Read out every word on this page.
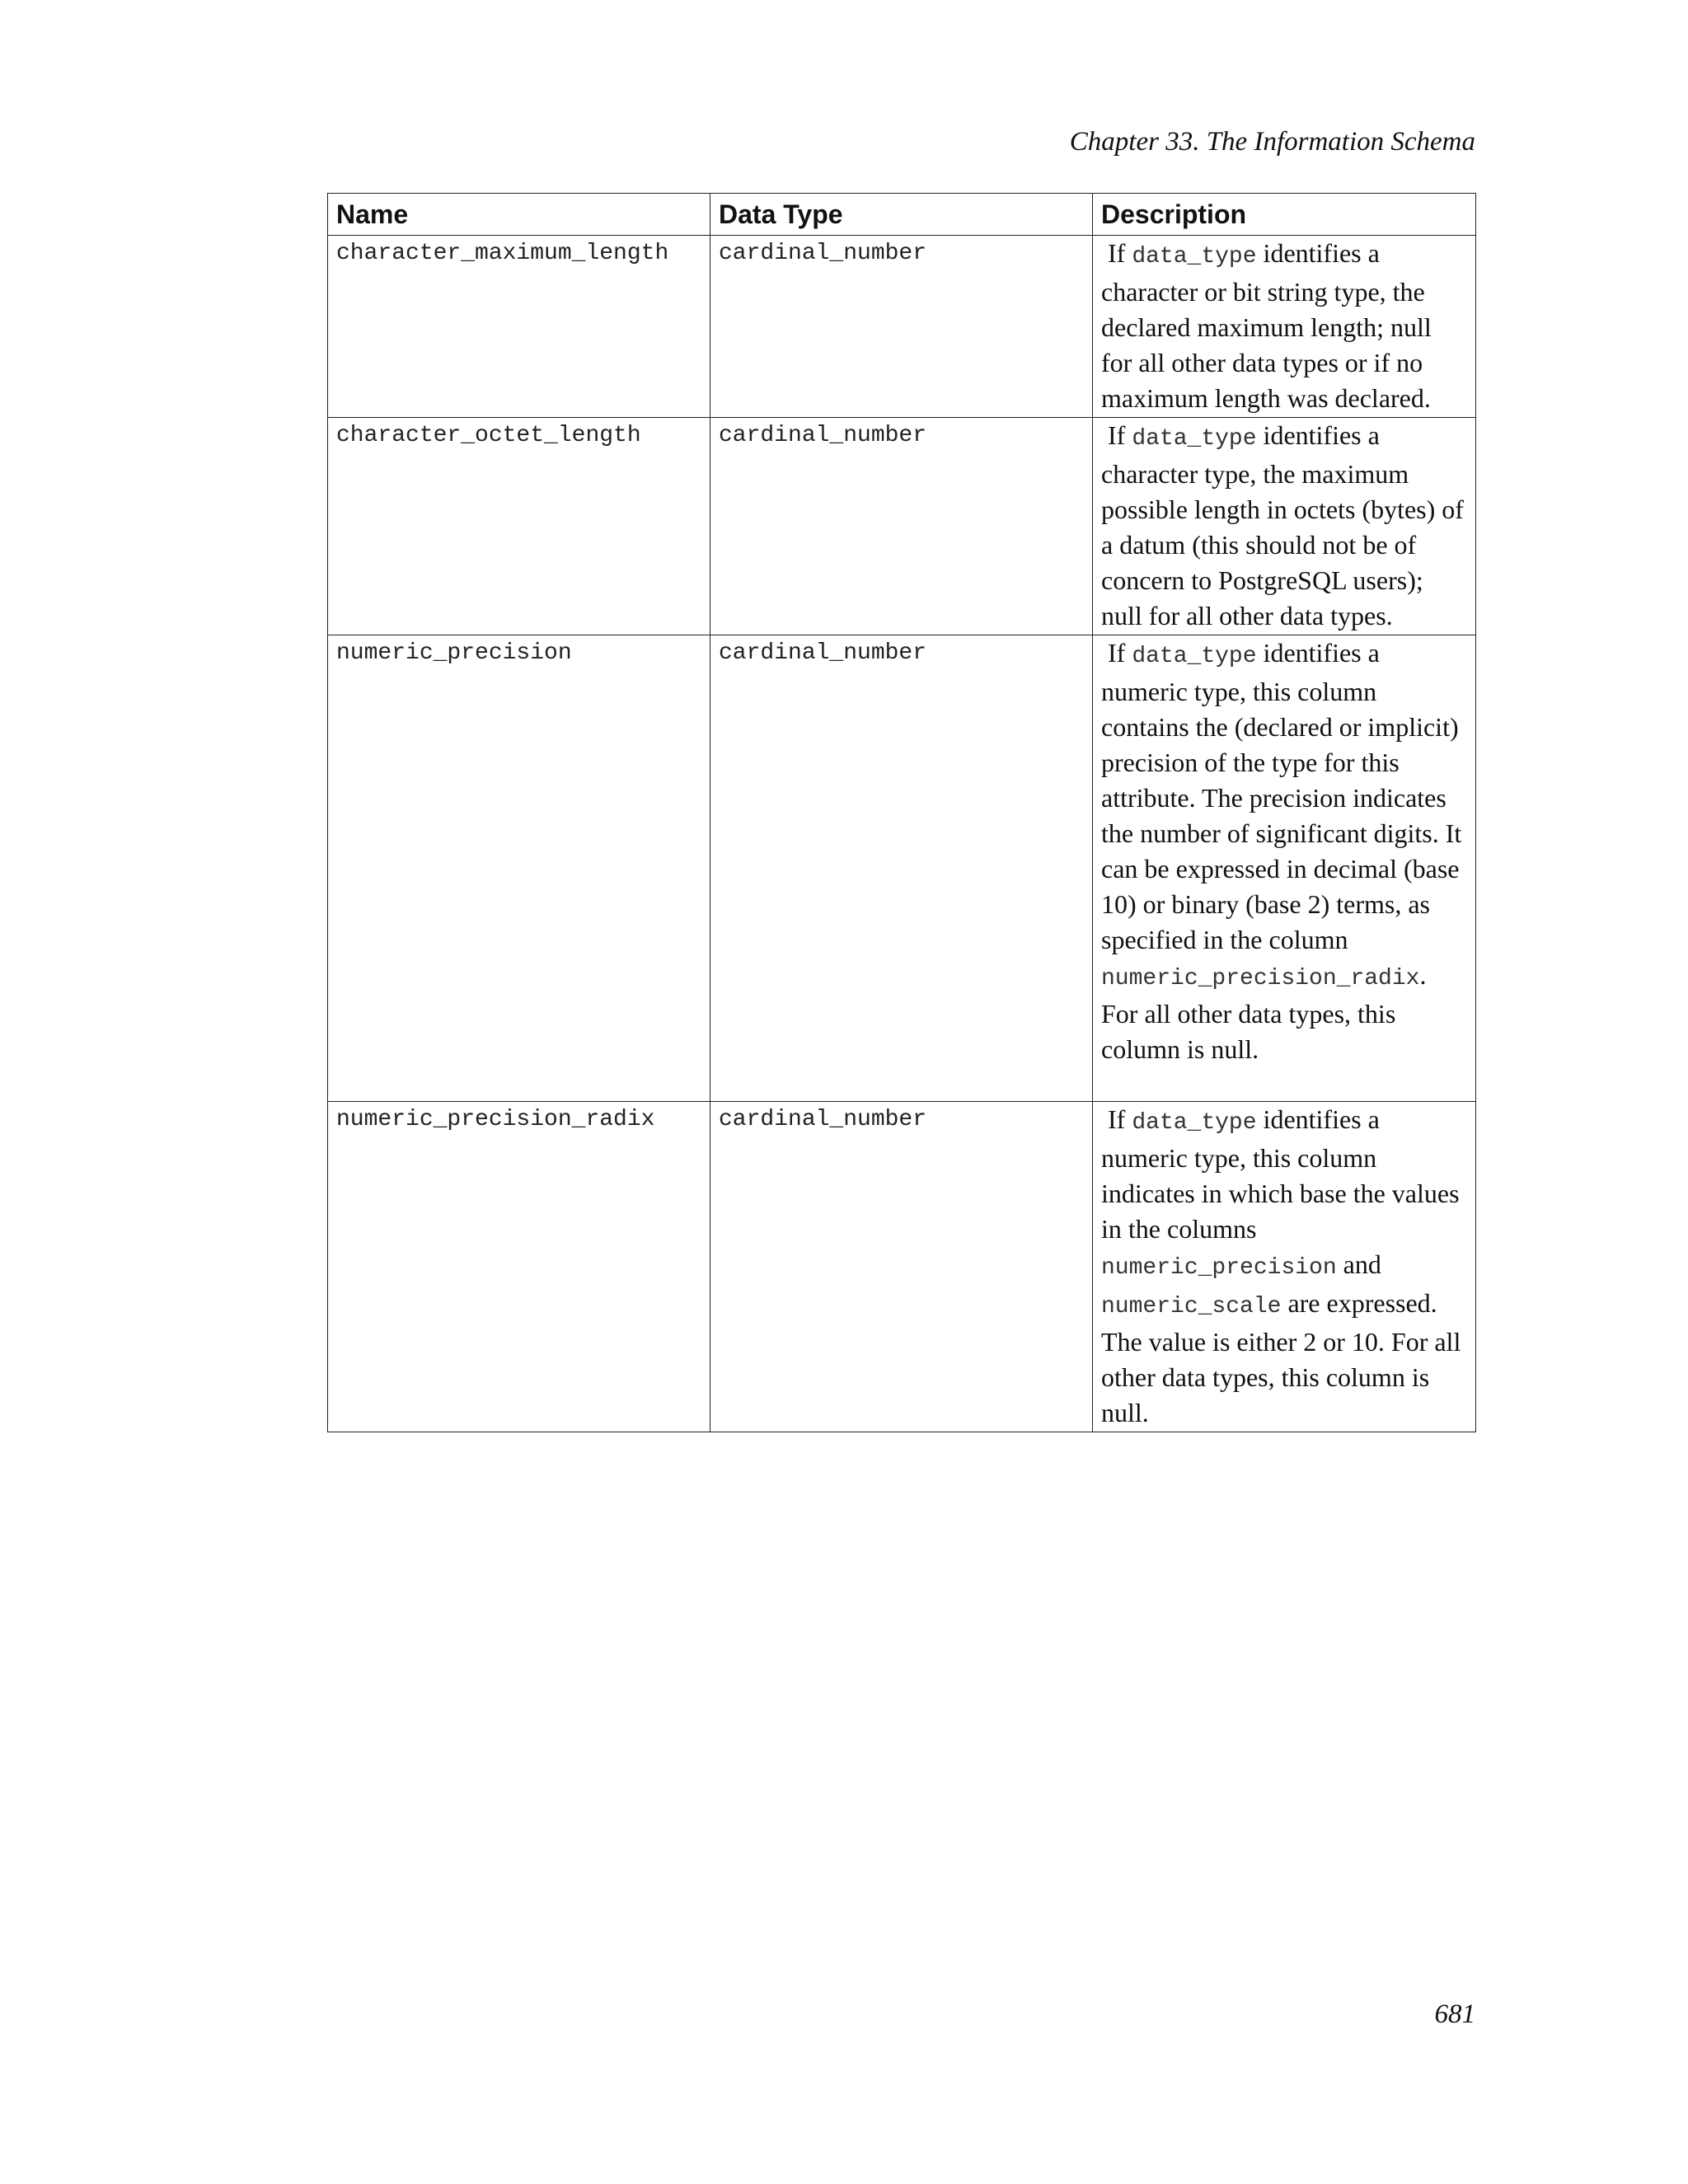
Chapter 33. The Information Schema
Name	Data Type	Description
character_maximum_length	cardinal_number	If data_type identifies a character or bit string type, the declared maximum length; null for all other data types or if no maximum length was declared.
character_octet_length	cardinal_number	If data_type identifies a character type, the maximum possible length in octets (bytes) of a datum (this should not be of concern to PostgreSQL users); null for all other data types.
numeric_precision	cardinal_number	If data_type identifies a numeric type, this column contains the (declared or implicit) precision of the type for this attribute. The precision indicates the number of significant digits. It can be expressed in decimal (base 10) or binary (base 2) terms, as specified in the column numeric_precision_radix. For all other data types, this column is null.
numeric_precision_radix	cardinal_number	If data_type identifies a numeric type, this column indicates in which base the values in the columns numeric_precision and numeric_scale are expressed. The value is either 2 or 10. For all other data types, this column is null.
681
